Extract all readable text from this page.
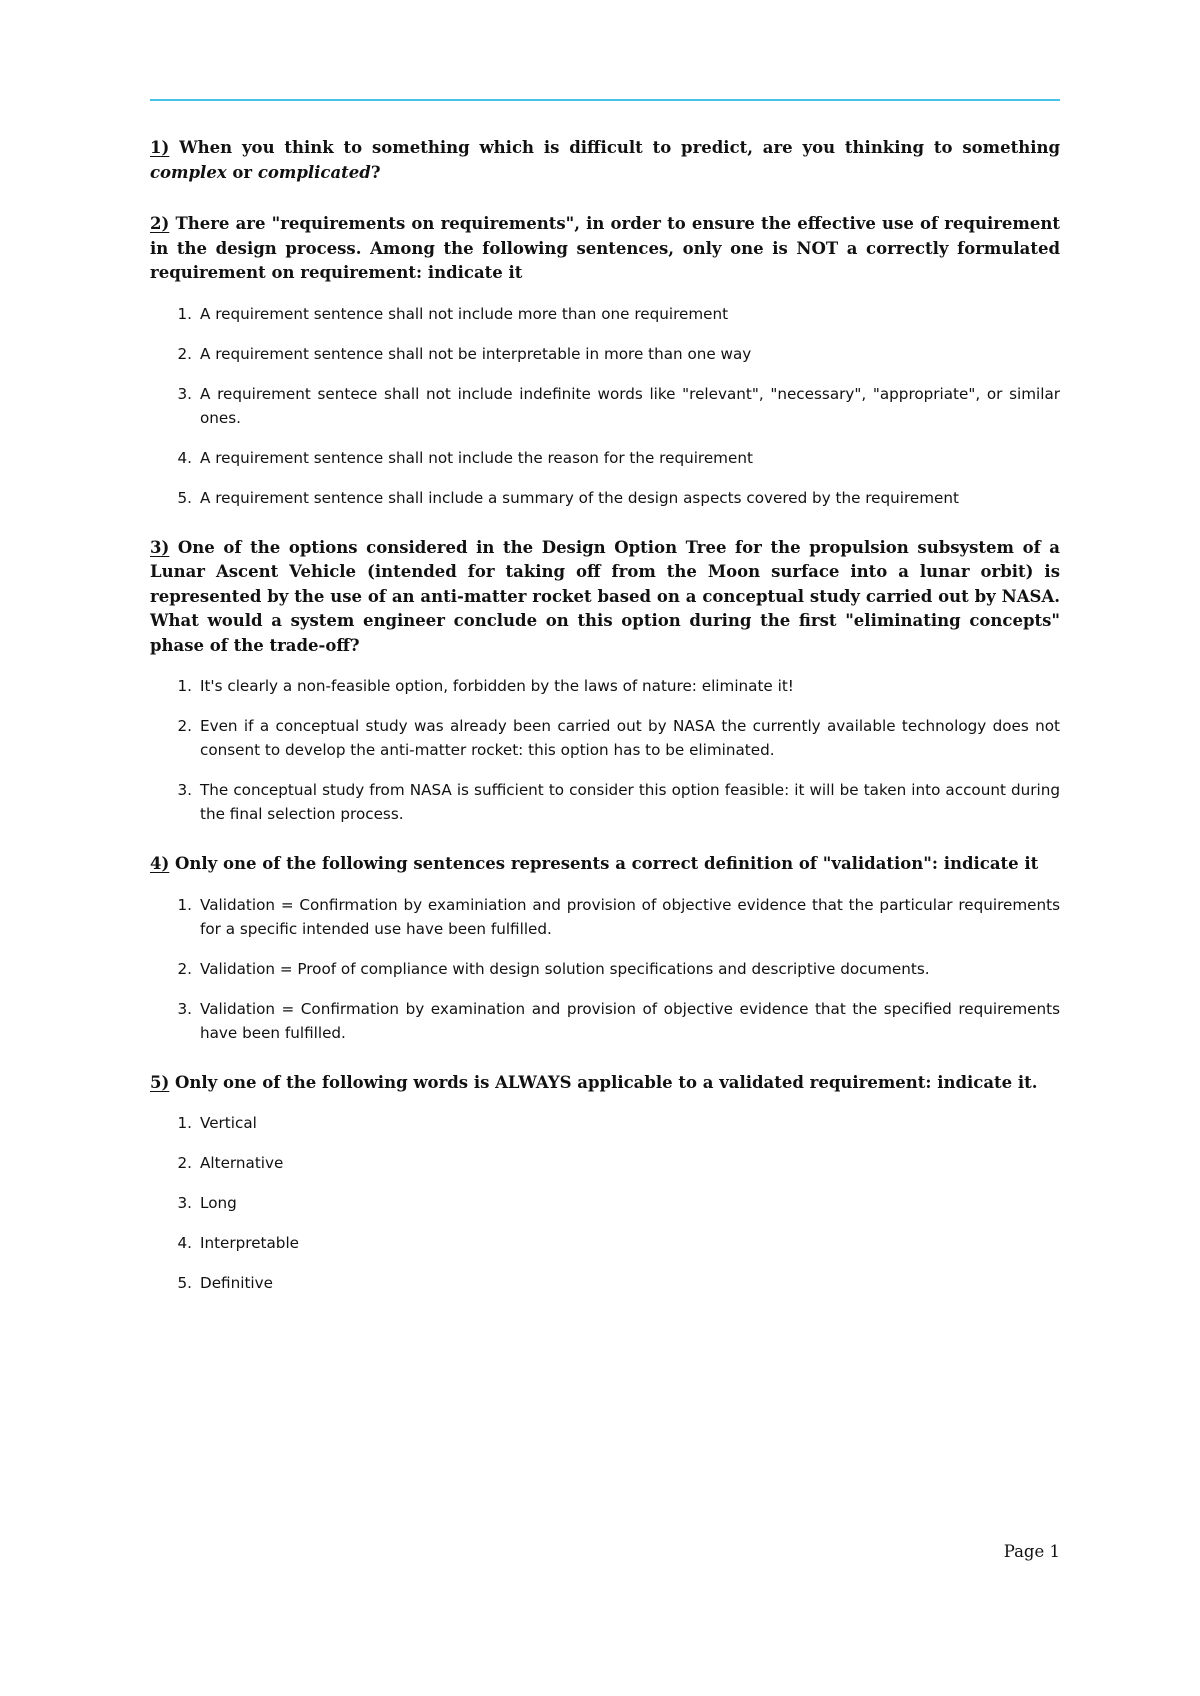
1) When you think to something which is difficult to predict, are you thinking to something complex or complicated?

2) There are "requirements on requirements", in order to ensure the effective use of requirement in the design process. Among the following sentences, only one is NOT a correctly formulated requirement on requirement: indicate it

1. A requirement sentence shall not include more than one requirement
2. A requirement sentence shall not be interpretable in more than one way
3. A requirement sentece shall not include indefinite words like "relevant", "necessary", "appropriate", or similar ones.
4. A requirement sentence shall not include the reason for the requirement
5. A requirement sentence shall include a summary of the design aspects covered by the requirement

3) One of the options considered in the Design Option Tree for the propulsion subsystem of a Lunar Ascent Vehicle (intended for taking off from the Moon surface into a lunar orbit) is represented by the use of an anti-matter rocket based on a conceptual study carried out by NASA. What would a system engineer conclude on this option during the first "eliminating concepts" phase of the trade-off?

1. It's clearly a non-feasible option, forbidden by the laws of nature: eliminate it!
2. Even if a conceptual study was already been carried out by NASA the currently available technology does not consent to develop the anti-matter rocket: this option has to be eliminated.
3. The conceptual study from NASA is sufficient to consider this option feasible: it will be taken into account during the final selection process.

4) Only one of the following sentences represents a correct definition of "validation": indicate it

1. Validation = Confirmation by examiniation and provision of objective evidence that the particular requirements for a specific intended use have been fulfilled.
2. Validation = Proof of compliance with design solution specifications and descriptive documents.
3. Validation = Confirmation by examination and provision of objective evidence that the specified requirements have been fulfilled.

5) Only one of the following words is ALWAYS applicable to a validated requirement: indicate it.

1. Vertical
2. Alternative
3. Long
4. Interpretable
5. Definitive
Page 1
